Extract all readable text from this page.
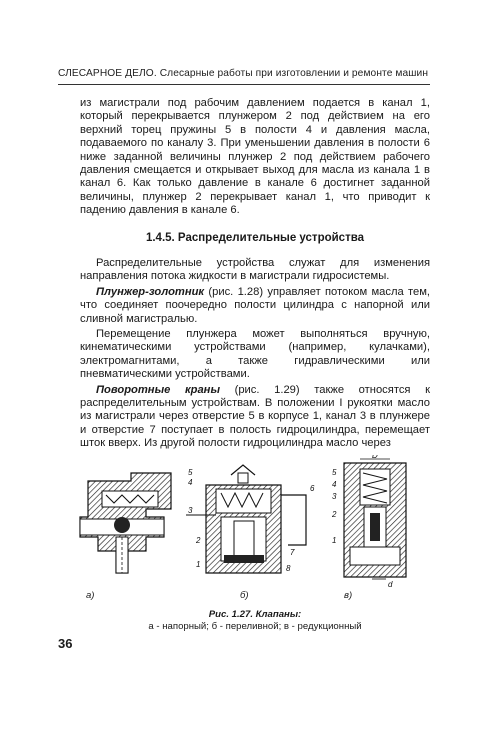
СЛЕСАРНОЕ ДЕЛО. Слесарные работы при изготовлении и ремонте машин

из магистрали под рабочим давлением подается в канал 1, который перекрывается плунжером 2 под действием на его верхний торец пружины 5 в полости 4 и давления масла, подаваемого по каналу 3. При уменьшении давления в полости 6 ниже заданной величины плунжер 2 под действием рабочего давления смещается и открывает выход для масла из канала 1 в канал 6. Как только давление в канале 6 достигнет заданной величины, плунжер 2 перекрывает канал 1, что приводит к падению давления в канале 6.

1.4.5. Распределительные устройства

Распределительные устройства служат для изменения направления потока жидкости в магистрали гидросистемы.

Плунжер-золотник (рис. 1.28) управляет потоком масла тем, что соединяет поочередно полости цилиндра с напорной или сливной магистралью.

Перемещение плунжера может выполняться вручную, кинематическими устройствами (например, кулачками), электромагнитами, а также гидравлическими или пневматическими устройствами.

Поворотные краны (рис. 1.29) также относятся к распределительным устройствам. В положении I рукоятки масло из магистрали через отверстие 5 в корпусе 1, канал 3 в плунжере и отверстие 7 поступает в полость гидроцилиндра, перемещает шток вверх. Из другой полости гидроцилиндра масло через

5
4
3
2
1
6
7
8
5
4
3
2
1
D
d
а)	б)	в)
Рис. 1.27. Клапаны:
а - напорный; б - переливной; в - редукционный
36
